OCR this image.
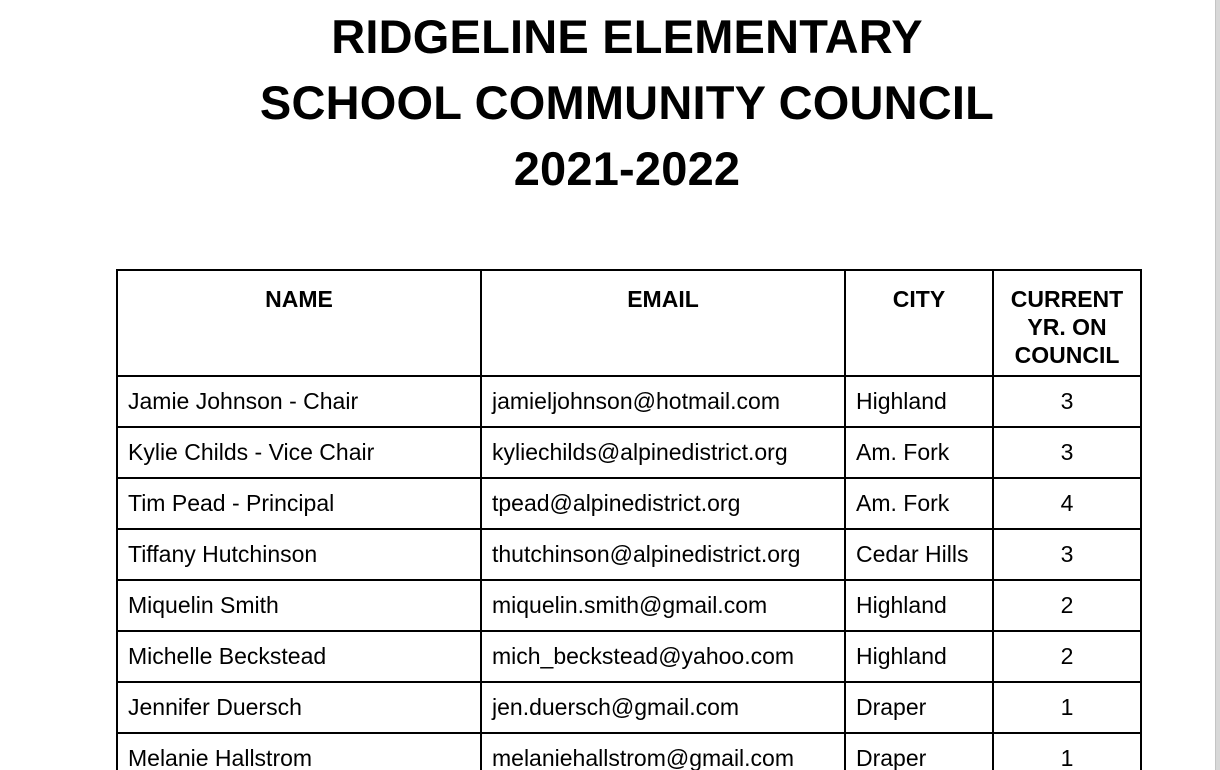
RIDGELINE ELEMENTARY
SCHOOL COMMUNITY COUNCIL
2021-2022
NAME	EMAIL	CITY	CURRENT
YR. ON
COUNCIL
Jamie Johnson - Chair	jamieljohnson@hotmail.com	Highland	3
Kylie Childs - Vice Chair	kyliechilds@alpinedistrict.org	Am. Fork	3
Tim Pead - Principal	tpead@alpinedistrict.org	Am. Fork	4
Tiffany Hutchinson	thutchinson@alpinedistrict.org	Cedar Hills	3
Miquelin Smith	miquelin.smith@gmail.com	Highland	2
Michelle Beckstead	mich_beckstead@yahoo.com	Highland	2
Jennifer Duersch	jen.duersch@gmail.com	Draper	1
Melanie Hallstrom	melaniehallstrom@gmail.com	Draper	1
